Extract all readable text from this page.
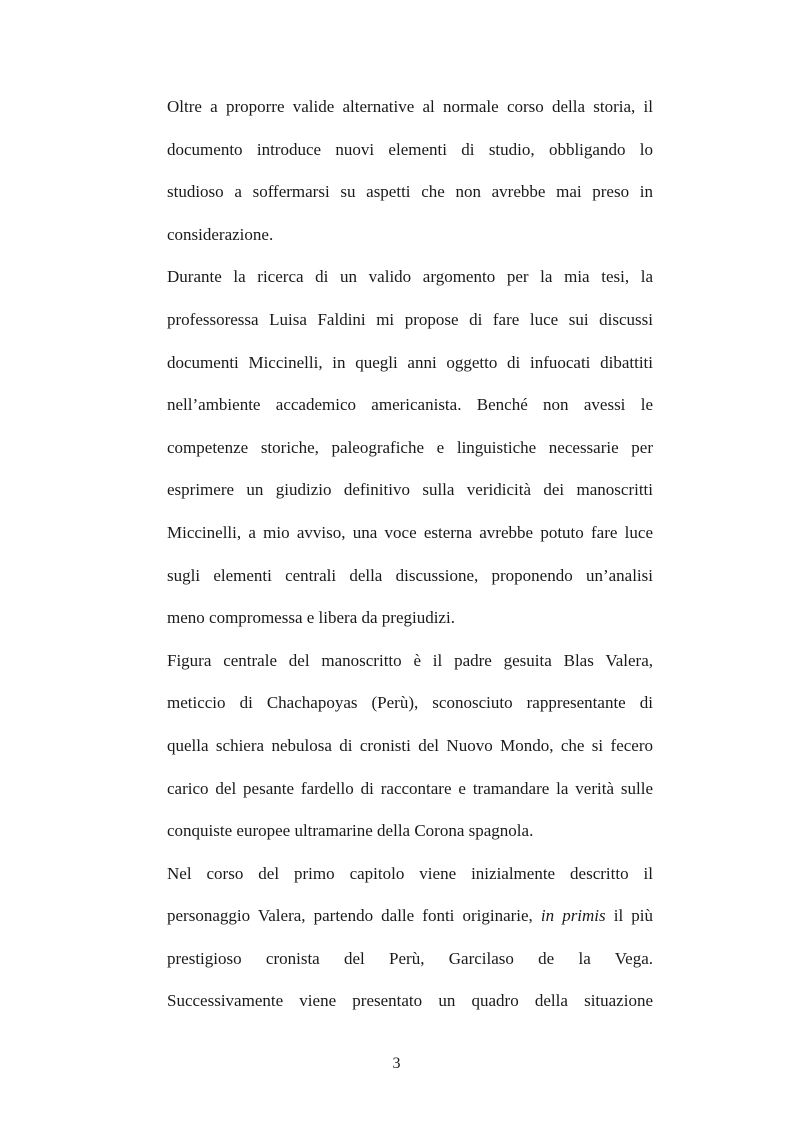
Oltre a proporre valide alternative al normale corso della storia, il
documento introduce nuovi elementi di studio, obbligando lo
studioso a soffermarsi su aspetti che non avrebbe mai preso in
considerazione.

Durante la ricerca di un valido argomento per la mia tesi, la
professoressa Luisa Faldini mi propose di fare luce sui discussi
documenti Miccinelli, in quegli anni oggetto di infuocati dibattiti
nell’ambiente accademico americanista. Benché non avessi le
competenze storiche, paleografiche e linguistiche necessarie per
esprimere un giudizio definitivo sulla veridicità dei manoscritti
Miccinelli, a mio avviso, una voce esterna avrebbe potuto fare luce
sugli elementi centrali della discussione, proponendo un’analisi
meno compromessa e libera da pregiudizi.

Figura centrale del manoscritto è il padre gesuita Blas Valera,
meticcio di Chachapoyas (Perù), sconosciuto rappresentante di
quella schiera nebulosa di cronisti del Nuovo Mondo, che si fecero
carico del pesante fardello di raccontare e tramandare la verità sulle
conquiste europee ultramarine della Corona spagnola.

Nel corso del primo capitolo viene inizialmente descritto il
personaggio Valera, partendo dalle fonti originarie, in primis il più
prestigioso cronista del Perù, Garcilaso de la Vega.
Successivamente viene presentato un quadro della situazione

3
